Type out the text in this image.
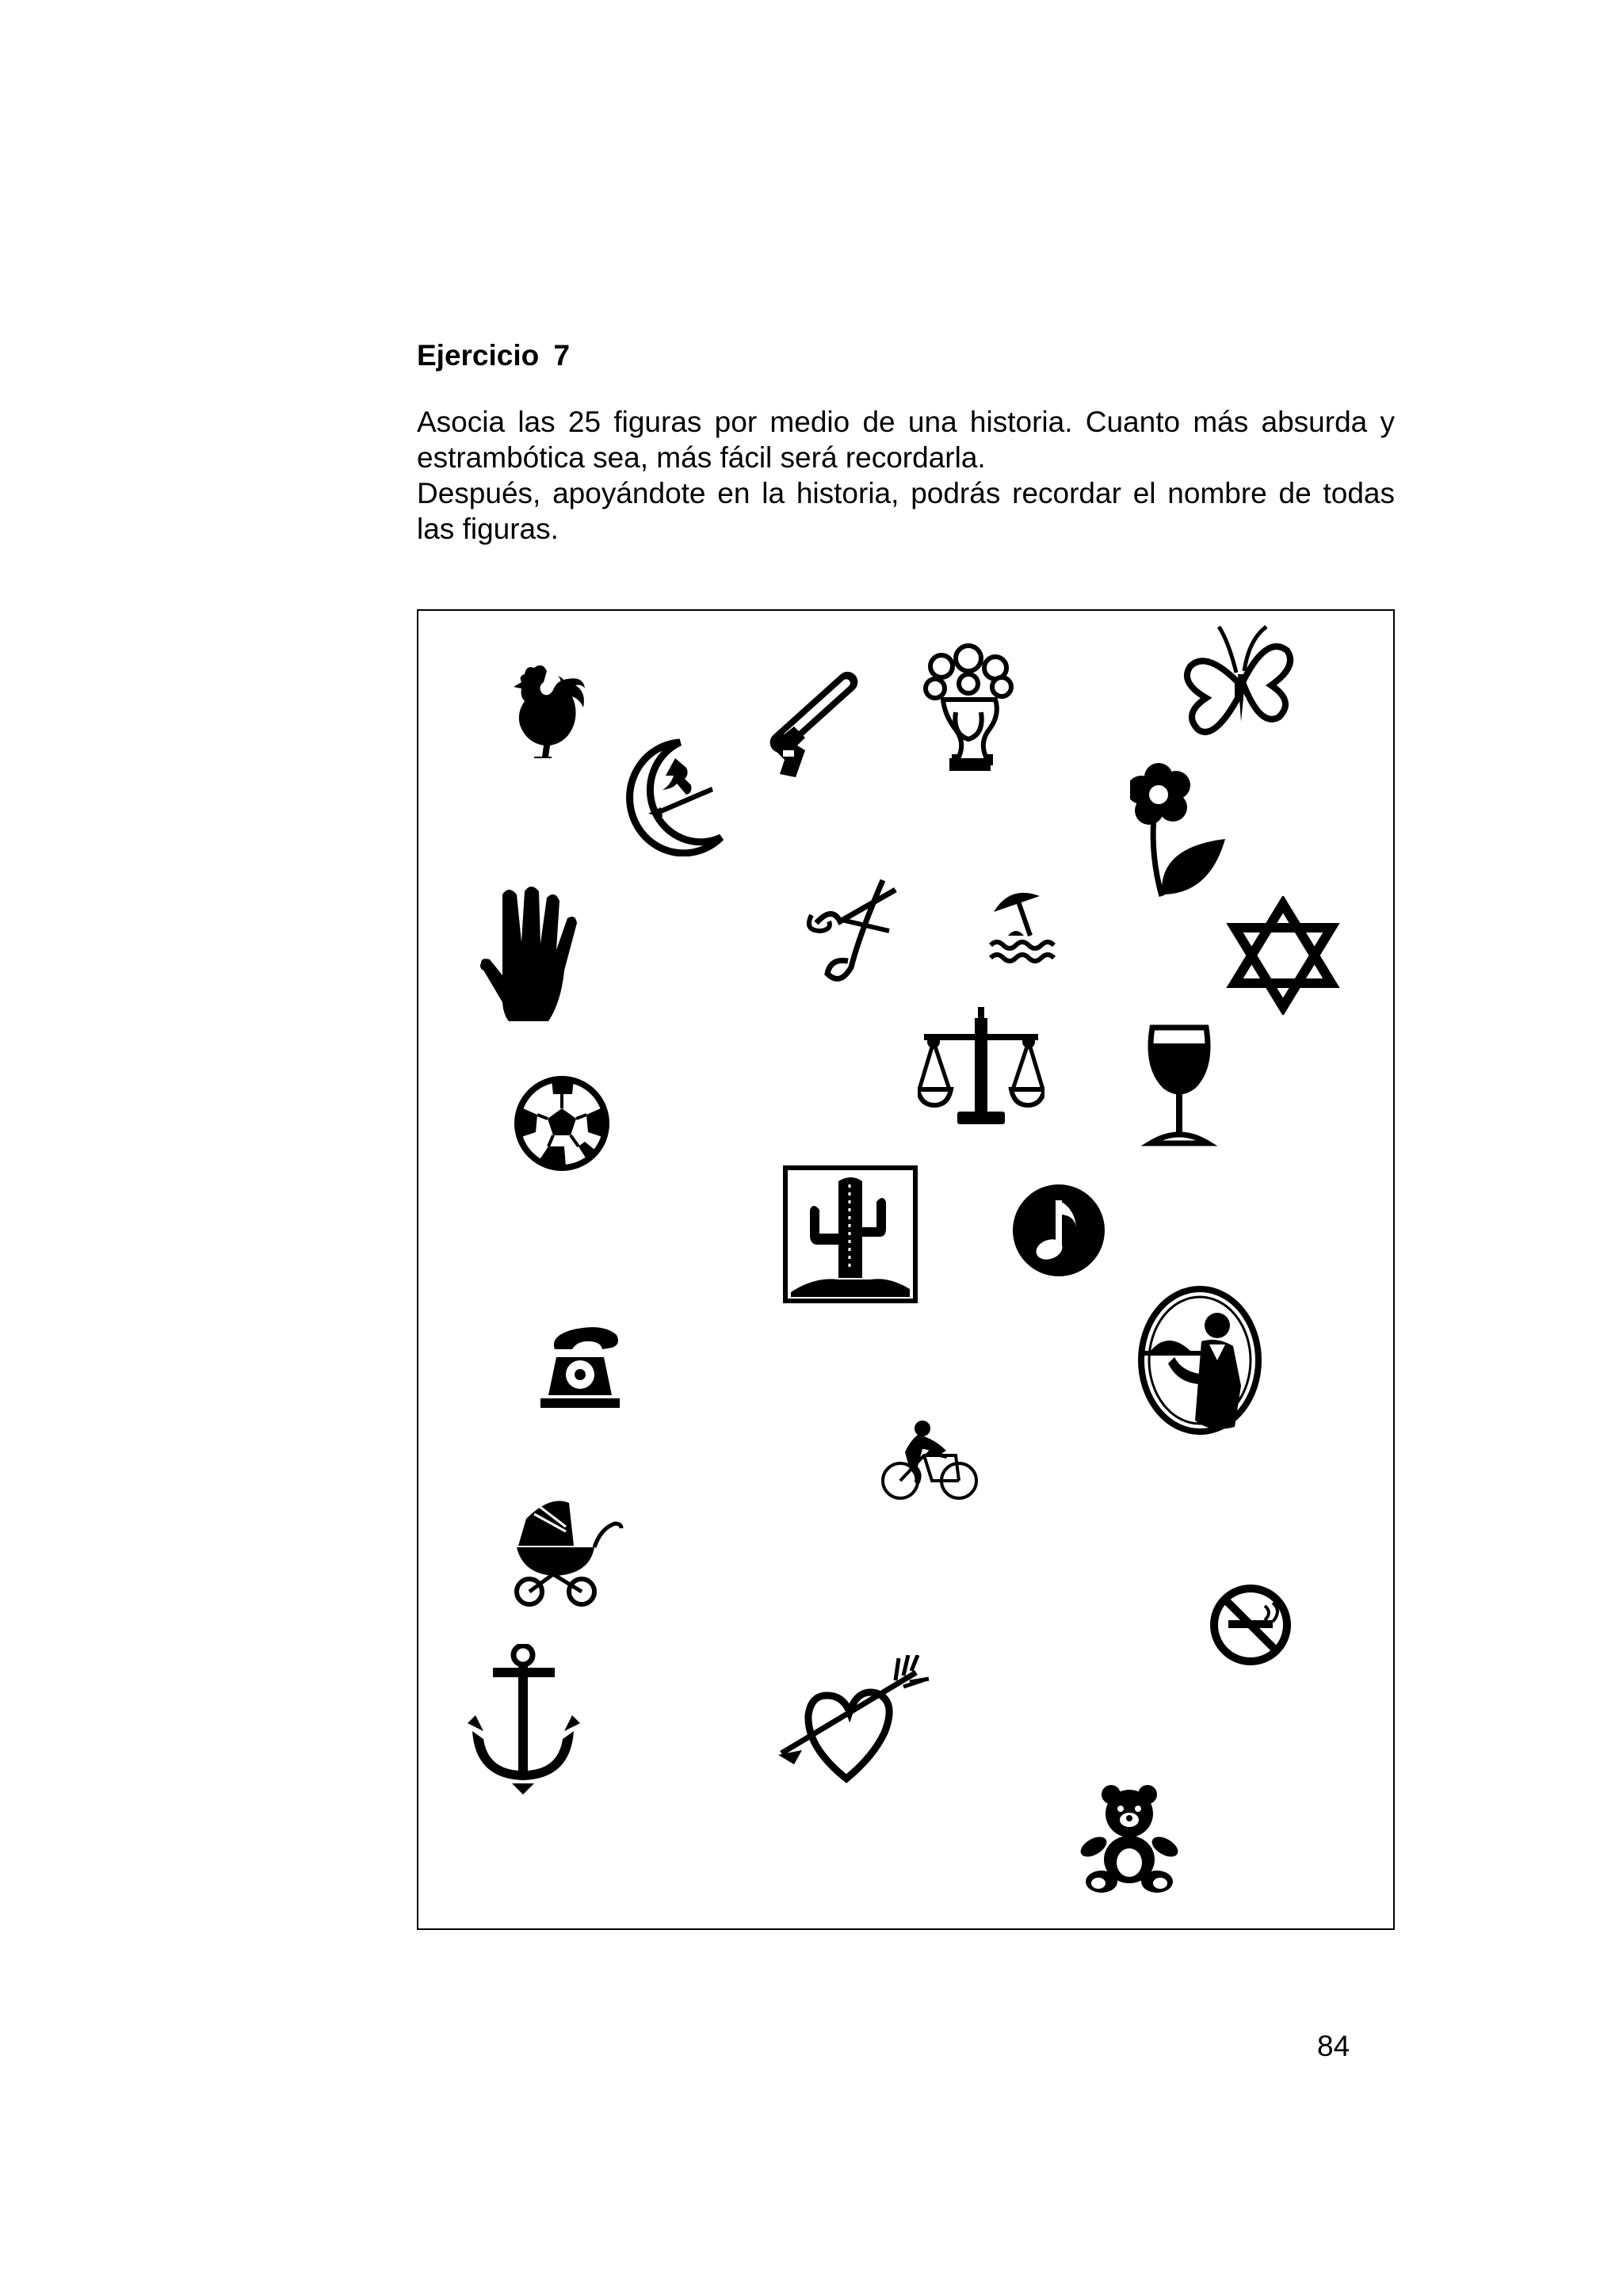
Ejercicio 7

Asocia las 25 figuras por medio de una historia. Cuanto más absurda y estrambótica sea, más fácil será recordarla.

Después, apoyándote en la historia, podrás recordar el nombre de todas las figuras.

84
